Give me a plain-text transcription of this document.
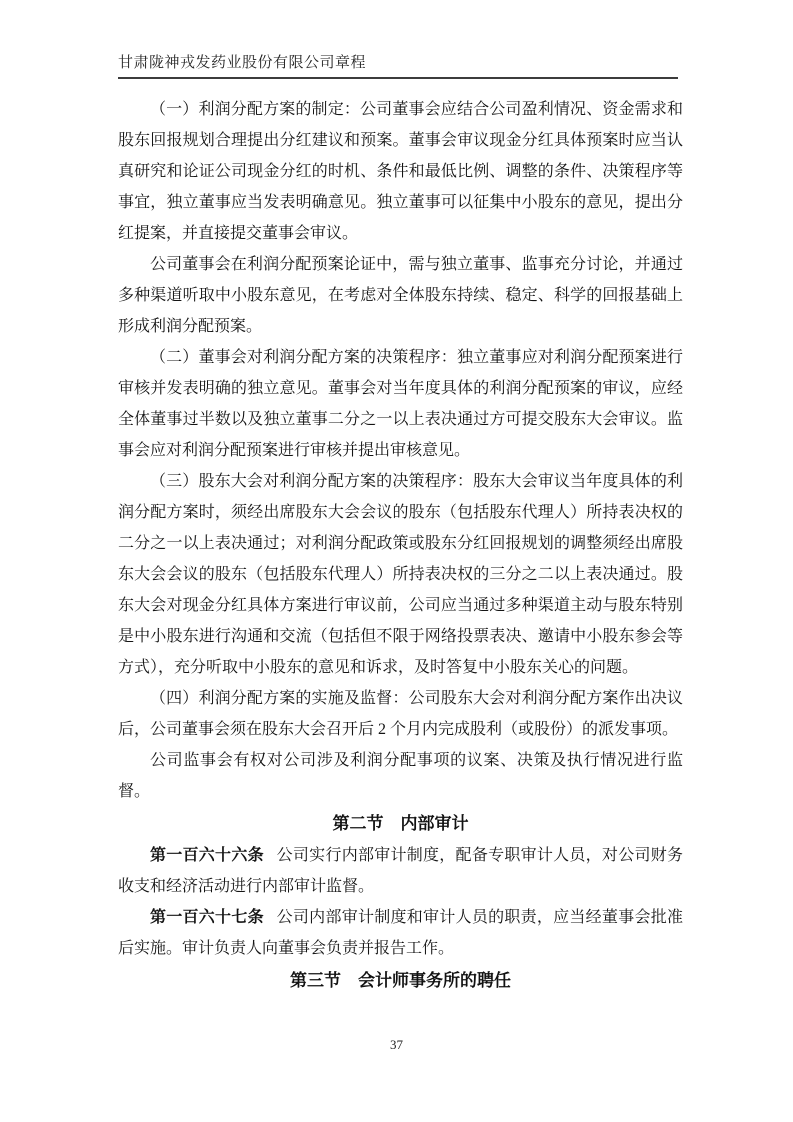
甘肃陇神戎发药业股份有限公司章程

（一）利润分配方案的制定：公司董事会应结合公司盈利情况、资金需求和股东回报规划合理提出分红建议和预案。董事会审议现金分红具体预案时应当认真研究和论证公司现金分红的时机、条件和最低比例、调整的条件、决策程序等事宜，独立董事应当发表明确意见。独立董事可以征集中小股东的意见，提出分红提案，并直接提交董事会审议。

公司董事会在利润分配预案论证中，需与独立董事、监事充分讨论，并通过多种渠道听取中小股东意见，在考虑对全体股东持续、稳定、科学的回报基础上形成利润分配预案。

（二）董事会对利润分配方案的决策程序：独立董事应对利润分配预案进行审核并发表明确的独立意见。董事会对当年度具体的利润分配预案的审议，应经全体董事过半数以及独立董事二分之一以上表决通过方可提交股东大会审议。监事会应对利润分配预案进行审核并提出审核意见。

（三）股东大会对利润分配方案的决策程序：股东大会审议当年度具体的利润分配方案时，须经出席股东大会会议的股东（包括股东代理人）所持表决权的二分之一以上表决通过；对利润分配政策或股东分红回报规划的调整须经出席股东大会会议的股东（包括股东代理人）所持表决权的三分之二以上表决通过。股东大会对现金分红具体方案进行审议前，公司应当通过多种渠道主动与股东特别是中小股东进行沟通和交流（包括但不限于网络投票表决、邀请中小股东参会等方式），充分听取中小股东的意见和诉求，及时答复中小股东关心的问题。

（四）利润分配方案的实施及监督：公司股东大会对利润分配方案作出决议后，公司董事会须在股东大会召开后 2 个月内完成股利（或股份）的派发事项。

公司监事会有权对公司涉及利润分配事项的议案、决策及执行情况进行监督。

第二节　内部审计

第一百六十六条 公司实行内部审计制度，配备专职审计人员，对公司财务收支和经济活动进行内部审计监督。

第一百六十七条 公司内部审计制度和审计人员的职责，应当经董事会批准后实施。审计负责人向董事会负责并报告工作。

第三节　会计师事务所的聘任

37
